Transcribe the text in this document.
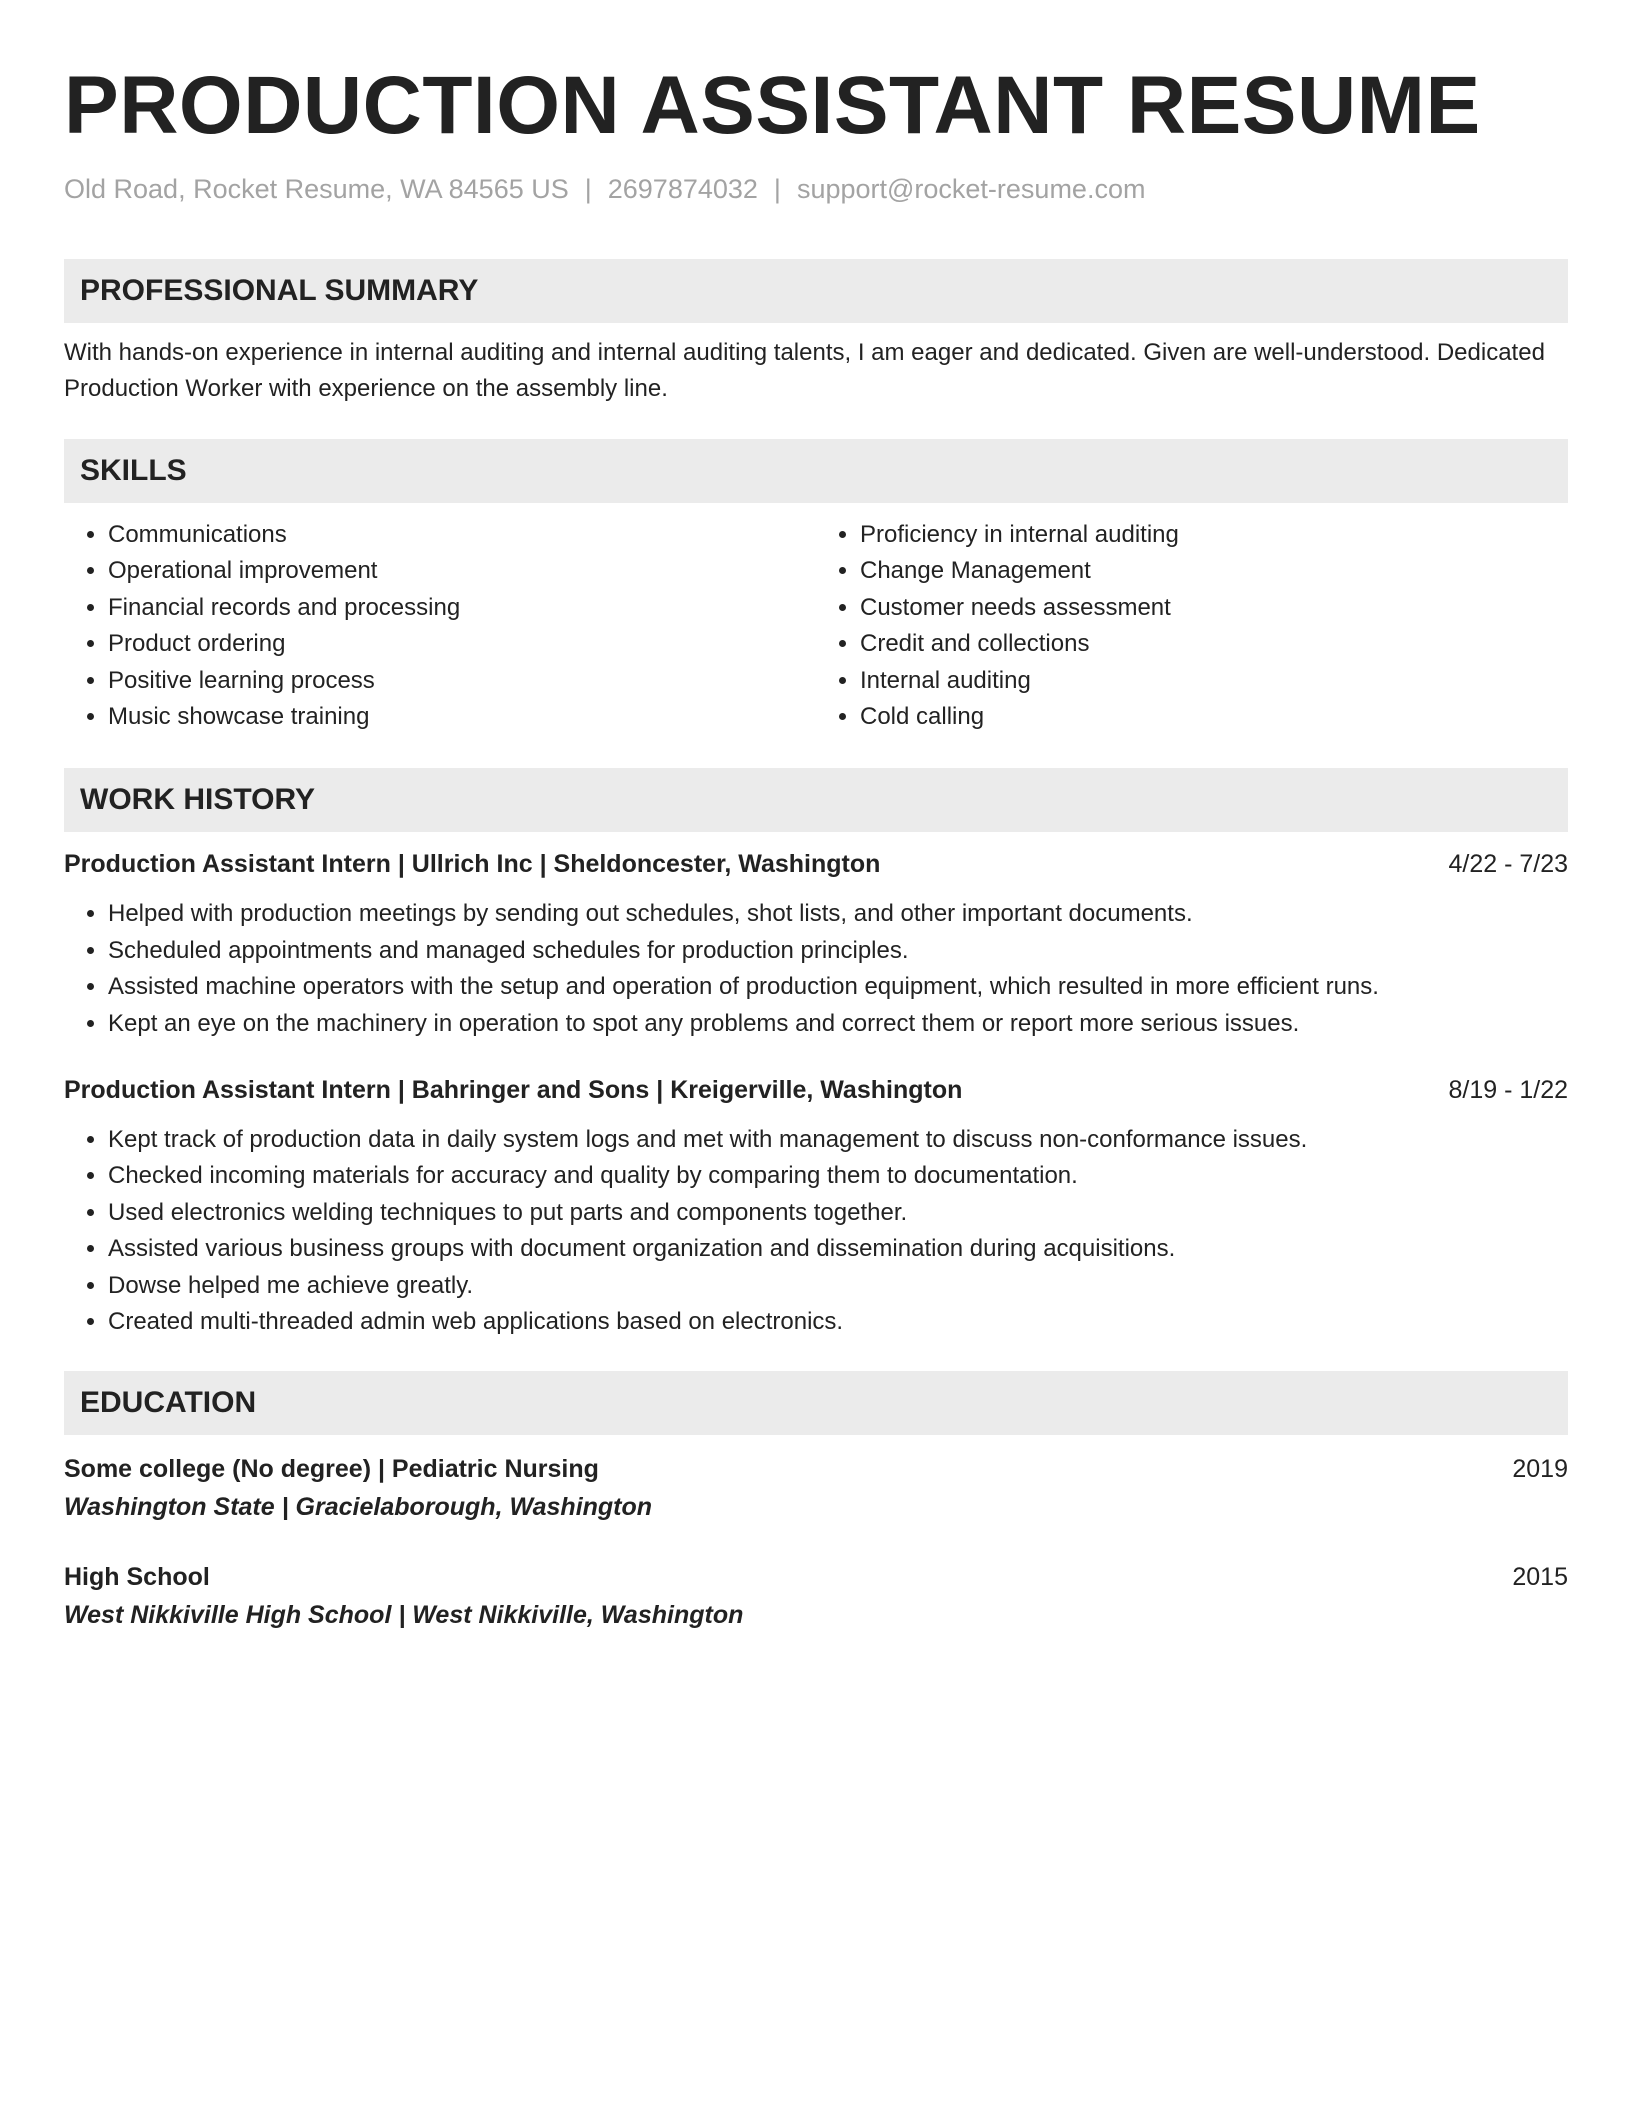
PRODUCTION ASSISTANT RESUME
Old Road, Rocket Resume, WA 84565 US | 2697874032 | support@rocket-resume.com
PROFESSIONAL SUMMARY
With hands-on experience in internal auditing and internal auditing talents, I am eager and dedicated. Given are well-understood. Dedicated Production Worker with experience on the assembly line.
SKILLS
• Communications
• Operational improvement
• Financial records and processing
• Product ordering
• Positive learning process
• Music showcase training
• Proficiency in internal auditing
• Change Management
• Customer needs assessment
• Credit and collections
• Internal auditing
• Cold calling
WORK HISTORY
Production Assistant Intern | Ullrich Inc | Sheldoncester, Washington	4/22 - 7/23
• Helped with production meetings by sending out schedules, shot lists, and other important documents.
• Scheduled appointments and managed schedules for production principles.
• Assisted machine operators with the setup and operation of production equipment, which resulted in more efficient runs.
• Kept an eye on the machinery in operation to spot any problems and correct them or report more serious issues.
Production Assistant Intern | Bahringer and Sons | Kreigerville, Washington	8/19 - 1/22
• Kept track of production data in daily system logs and met with management to discuss non-conformance issues.
• Checked incoming materials for accuracy and quality by comparing them to documentation.
• Used electronics welding techniques to put parts and components together.
• Assisted various business groups with document organization and dissemination during acquisitions.
• Dowse helped me achieve greatly.
• Created multi-threaded admin web applications based on electronics.
EDUCATION
Some college (No degree) | Pediatric Nursing	2019
Washington State | Gracielaborough, Washington
High School	2015
West Nikkiville High School | West Nikkiville, Washington
